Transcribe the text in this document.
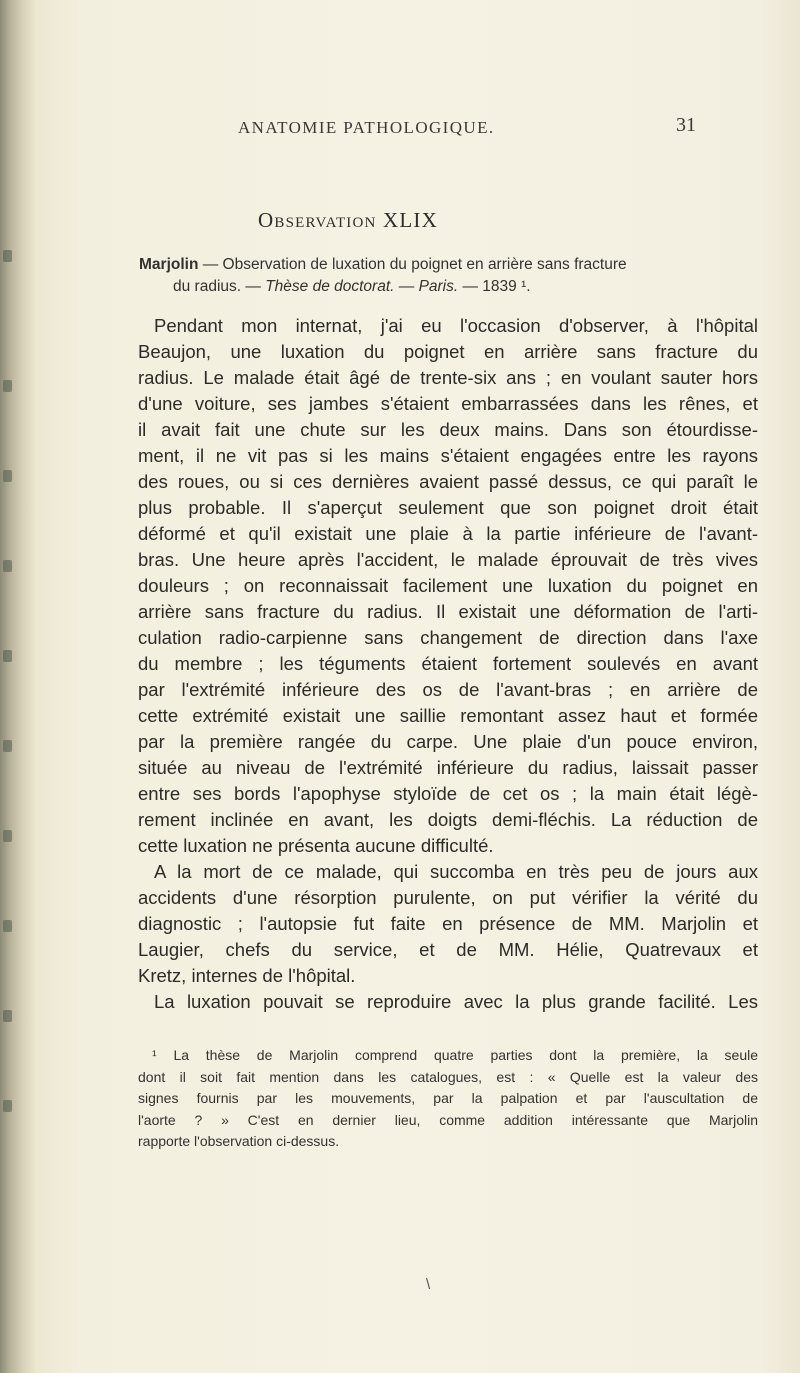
ANATOMIE PATHOLOGIQUE.	31
Observation XLIX
Marjolin — Observation de luxation du poignet en arrière sans fracture
du radius. — Thèse de doctorat. — Paris. — 1839 ¹.
Pendant mon internat, j'ai eu l'occasion d'observer, à l'hôpital
Beaujon, une luxation du poignet en arrière sans fracture du
radius. Le malade était âgé de trente-six ans ; en voulant sauter hors
d'une voiture, ses jambes s'étaient embarrassées dans les rênes, et
il avait fait une chute sur les deux mains. Dans son étourdisse-
ment, il ne vit pas si les mains s'étaient engagées entre les rayons
des roues, ou si ces dernières avaient passé dessus, ce qui paraît le
plus probable. Il s'aperçut seulement que son poignet droit était
déformé et qu'il existait une plaie à la partie inférieure de l'avant-
bras. Une heure après l'accident, le malade éprouvait de très vives
douleurs ; on reconnaissait facilement une luxation du poignet en
arrière sans fracture du radius. Il existait une déformation de l'arti-
culation radio-carpienne sans changement de direction dans l'axe
du membre ; les téguments étaient fortement soulevés en avant
par l'extrémité inférieure des os de l'avant-bras ; en arrière de
cette extrémité existait une saillie remontant assez haut et formée
par la première rangée du carpe. Une plaie d'un pouce environ,
située au niveau de l'extrémité inférieure du radius, laissait passer
entre ses bords l'apophyse styloïde de cet os ; la main était légè-
rement inclinée en avant, les doigts demi-fléchis. La réduction de
cette luxation ne présenta aucune difficulté.
A la mort de ce malade, qui succomba en très peu de jours aux
accidents d'une résorption purulente, on put vérifier la vérité du
diagnostic ; l'autopsie fut faite en présence de MM. Marjolin et
Laugier, chefs du service, et de MM. Hélie, Quatrevaux et
Kretz, internes de l'hôpital.
La luxation pouvait se reproduire avec la plus grande facilité. Les
¹ La thèse de Marjolin comprend quatre parties dont la première, la seule
dont il soit fait mention dans les catalogues, est : « Quelle est la valeur des
signes fournis par les mouvements, par la palpation et par l'auscultation de
l'aorte ? » C'est en dernier lieu, comme addition intéressante que Marjolin
rapporte l'observation ci-dessus.
\
